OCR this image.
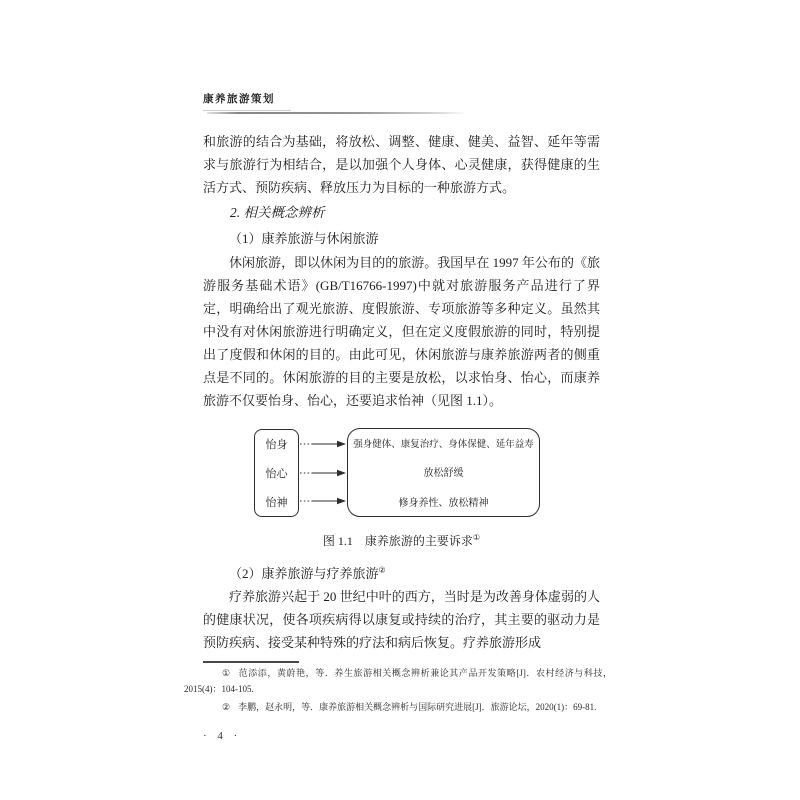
康养旅游策划
和旅游的结合为基础，将放松、调整、健康、健美、益智、延年等需求与旅游行为相结合，是以加强个人身体、心灵健康，获得健康的生活方式、预防疾病、释放压力为目标的一种旅游方式。
2. 相关概念辨析
（1）康养旅游与休闲旅游
休闲旅游，即以休闲为目的的旅游。我国早在 1997 年公布的《旅游服务基础术语》(GB/T16766-1997)中就对旅游服务产品进行了界定，明确给出了观光旅游、度假旅游、专项旅游等多种定义。虽然其中没有对休闲旅游进行明确定义，但在定义度假旅游的同时，特别提出了度假和休闲的目的。由此可见，休闲旅游与康养旅游两者的侧重点是不同的。休闲旅游的目的主要是放松，以求怡身、怡心，而康养旅游不仅要怡身、怡心，还要追求怡神（见图 1.1）。
怡身
怡心
怡神
强身健体、康复治疗、身体保健、延年益寿
放松舒缓
修身养性、放松精神
图 1.1　康养旅游的主要诉求①
（2）康养旅游与疗养旅游②
疗养旅游兴起于 20 世纪中叶的西方，当时是为改善身体虚弱的人的健康状况，使各项疾病得以康复或持续的治疗，其主要的驱动力是预防疾病、接受某种特殊的疗法和病后恢复。疗养旅游形成
① 范添添，黄蔚艳，等．养生旅游相关概念辨析兼论其产品开发策略[J]．农村经济与科技，2015(4)：104-105.
② 李鹏，赵永明，等．康养旅游相关概念辨析与国际研究进展[J]．旅游论坛，2020(1)：69-81.
· 4 ·
